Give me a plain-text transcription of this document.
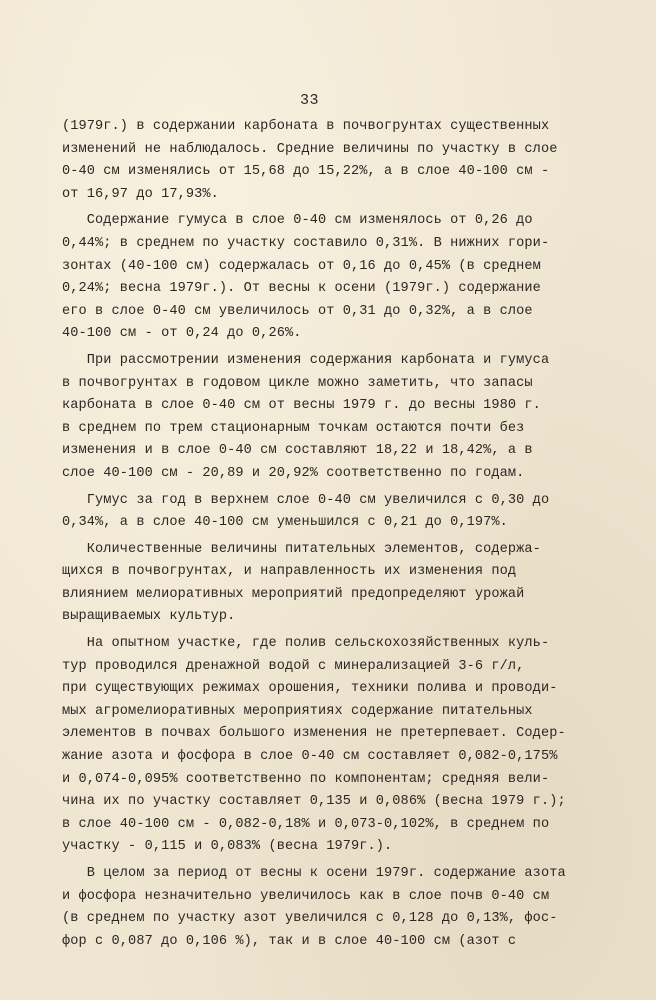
33
(1979г.) в содержании карбоната в почвогрунтах существенных
изменений не наблюдалось. Средние величины по участку в слое
0-40 см изменялись от 15,68 до 15,22%, а в слое 40-100 см -
от 16,97 до 17,93%.
Содержание гумуса в слое 0-40 см изменялось от 0,26 до
0,44%; в среднем по участку составило 0,31%. В нижних гори-
зонтах (40-100 см) содержалась от 0,16 до 0,45% (в среднем
0,24%; весна 1979г.). От весны к осени (1979г.) содержание
его в слое 0-40 см увеличилось от 0,31 до 0,32%, а в слое
40-100 см - от 0,24 до 0,26%.
При рассмотрении изменения содержания карбоната и гумуса
в почвогрунтах в годовом цикле можно заметить, что запасы
карбоната в слое 0-40 см от весны 1979 г. до весны 1980 г.
в среднем по трем стационарным точкам остаются почти без
изменения и в слое 0-40 см составляют 18,22 и 18,42%, а в
слое 40-100 см - 20,89 и 20,92% соответственно по годам.
Гумус за год в верхнем слое 0-40 см увеличился с 0,30 до
0,34%, а в слое 40-100 см уменьшился с 0,21 до 0,197%.
Количественные величины питательных элементов, содержа-
щихся в почвогрунтах, и направленность их изменения под
влиянием мелиоративных мероприятий предопределяют урожай
выращиваемых культур.
На опытном участке, где полив сельскохозяйственных куль-
тур проводился дренажной водой с минерализацией 3-6 г/л,
при существующих режимах орошения, техники полива и проводи-
мых агромелиоративных мероприятиях содержание питательных
элементов в почвах большого изменения не претерпевает. Содер-
жание азота и фосфора в слое 0-40 см составляет 0,082-0,175%
и 0,074-0,095% соответственно по компонентам; средняя вели-
чина их по участку составляет 0,135 и 0,086% (весна 1979 г.);
в слое 40-100 см - 0,082-0,18% и 0,073-0,102%, в среднем по
участку - 0,115 и 0,083% (весна 1979г.).
В целом за период от весны к осени 1979г. содержание азота
и фосфора незначительно увеличилось как в слое почв 0-40 см
(в среднем по участку азот увеличился с 0,128 до 0,13%, фос-
фор с 0,087 до 0,106 %), так и в слое 40-100 см (азот с
